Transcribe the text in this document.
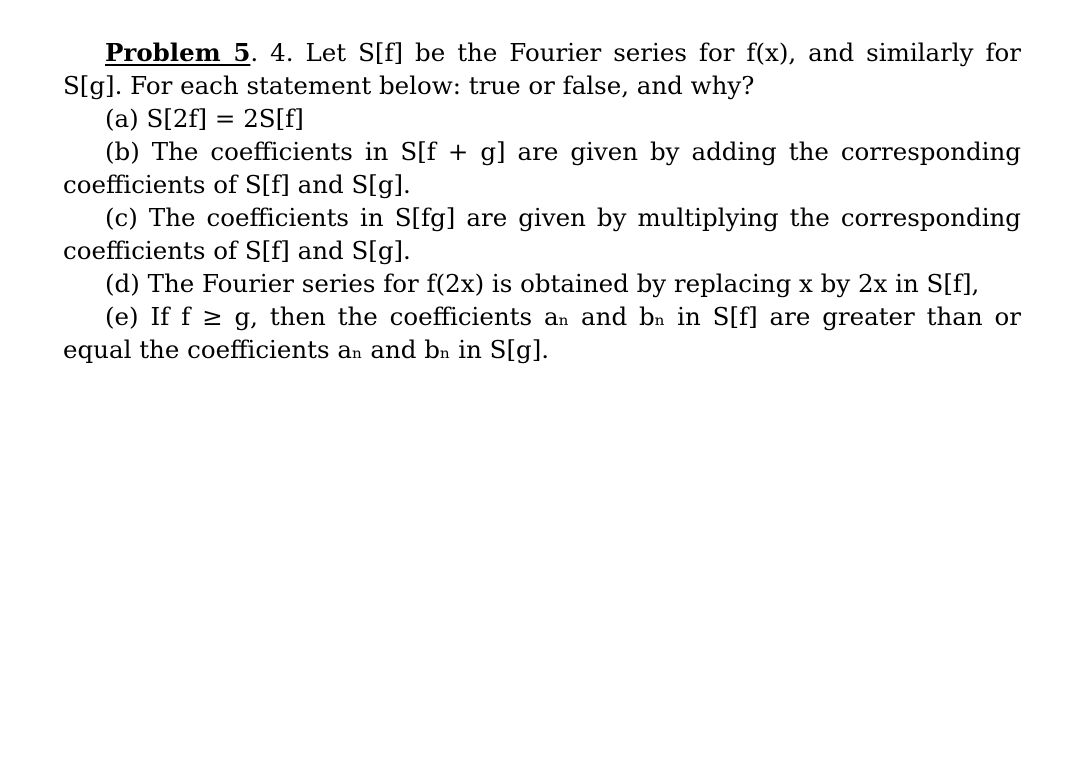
Problem 5. 4. Let S[f] be the Fourier series for f(x), and similarly for S[g]. For each statement below: true or false, and why?

(a) S[2f] = 2S[f]

(b) The coefficients in S[f + g] are given by adding the corresponding coefficients of S[f] and S[g].

(c) The coefficients in S[fg] are given by multiplying the corresponding coefficients of S[f] and S[g].

(d) The Fourier series for f(2x) is obtained by replacing x by 2x in S[f],

(e) If f ≥ g, then the coefficients aₙ and bₙ in S[f] are greater than or equal the coefficients aₙ and bₙ in S[g].
